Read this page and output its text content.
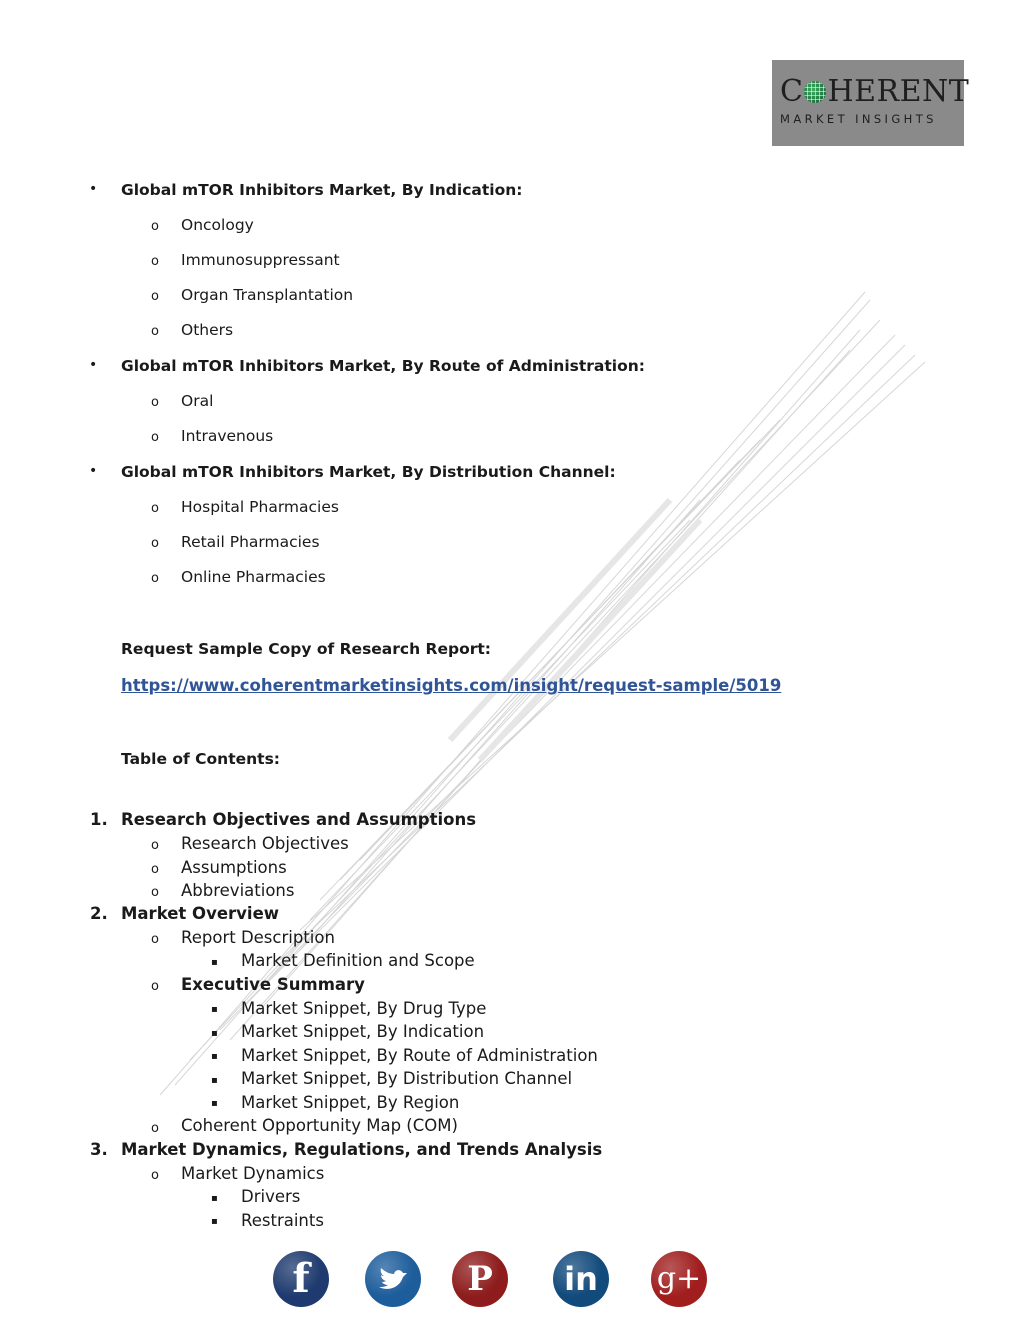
C HERENT
MARKET INSIGHTS
• Global mTOR Inhibitors Market, By Indication:
o Oncology
o Immunosuppressant
o Organ Transplantation
o Others
• Global mTOR Inhibitors Market, By Route of Administration:
o Oral
o Intravenous
• Global mTOR Inhibitors Market, By Distribution Channel:
o Hospital Pharmacies
o Retail Pharmacies
o Online Pharmacies
Request Sample Copy of Research Report:
https://www.coherentmarketinsights.com/insight/request-sample/5019
Table of Contents:
1. Research Objectives and Assumptions
o Research Objectives
o Assumptions
o Abbreviations
2. Market Overview
o Report Description
▪ Market Definition and Scope
o Executive Summary
▪ Market Snippet, By Drug Type
▪ Market Snippet, By Indication
▪ Market Snippet, By Route of Administration
▪ Market Snippet, By Distribution Channel
▪ Market Snippet, By Region
o Coherent Opportunity Map (COM)
3. Market Dynamics, Regulations, and Trends Analysis
o Market Dynamics
▪ Drivers
▪ Restraints
f	P	in	g+
